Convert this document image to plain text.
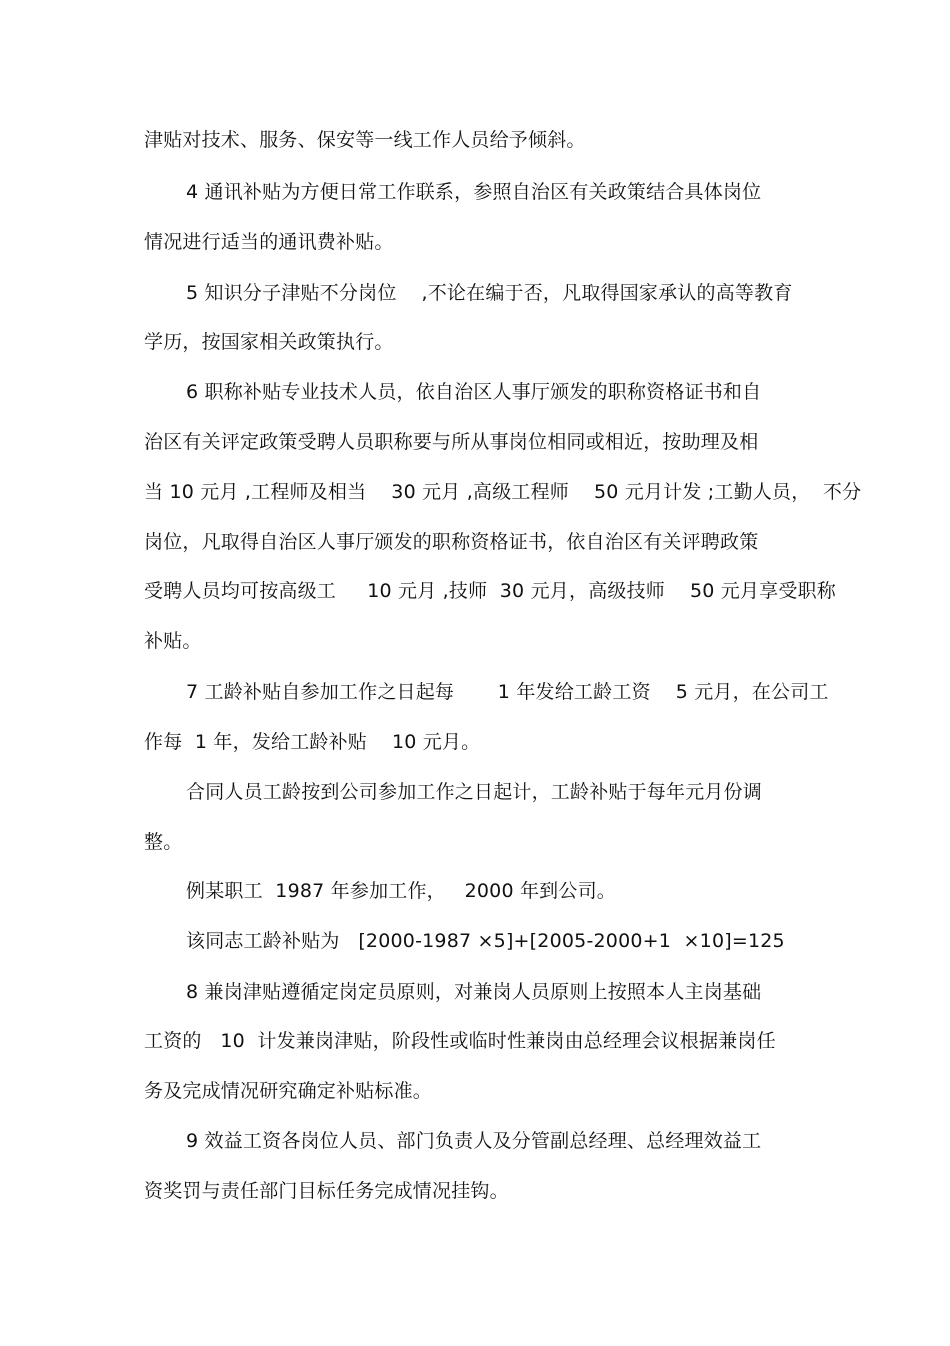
津贴对技术、服务、保安等一线工作人员给予倾斜。
4 通讯补贴为方便日常工作联系，参照自治区有关政策结合具体岗位
情况进行适当的通讯费补贴。
5 知识分子津贴不分岗位    ,不论在编于否，凡取得国家承认的高等教育
学历，按国家相关政策执行。
6 职称补贴专业技术人员，依自治区人事厅颁发的职称资格证书和自
治区有关评定政策受聘人员职称要与所从事岗位相同或相近，按助理及相
当 10 元月 ,工程师及相当    30 元月 ,高级工程师    50 元月计发 ;工勤人员，  不分
岗位，凡取得自治区人事厅颁发的职称资格证书，依自治区有关评聘政策
受聘人员均可按高级工     10 元月 ,技师  30 元月，高级技师    50 元月享受职称
补贴。
7 工龄补贴自参加工作之日起每       1 年发给工龄工资    5 元月，在公司工
作每  1 年，发给工龄补贴    10 元月。
合同人员工龄按到公司参加工作之日起计，工龄补贴于每年元月份调
整。
例某职工  1987 年参加工作，   2000 年到公司。
该同志工龄补贴为   [2000-1987 ×5]+[2005-2000+1  ×10]=125
8 兼岗津贴遵循定岗定员原则，对兼岗人员原则上按照本人主岗基础
工资的   10  计发兼岗津贴，阶段性或临时性兼岗由总经理会议根据兼岗任
务及完成情况研究确定补贴标准。
9 效益工资各岗位人员、部门负责人及分管副总经理、总经理效益工
资奖罚与责任部门目标任务完成情况挂钩。
